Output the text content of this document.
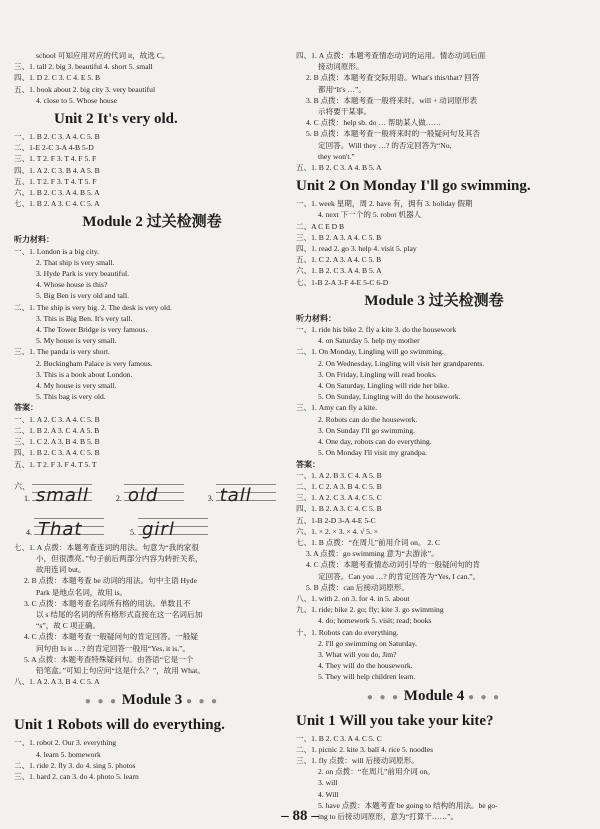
school 可知应用对应的代词 it，故选 C。
三、1. tall 2. big 3. beautiful 4. short 5. small
四、1. D 2. C 3. C 4. E 5. B
五、1. book about 2. big city 3. very beautiful
4. close to 5. Whose house
Unit 2 It's very old.
一、1. B 2. C 3. A 4. C 5. B
二、1-E 2-C 3-A 4-B 5-D
三、1. T 2. F 3. T 4. F 5. F
四、1. A 2. C 3. B 4. A 5. B
五、1. T 2. F 3. T 4. T 5. F
六、1. B 2. C 3. A 4. B 5. A
七、1. B 2. A 3. C 4. C 5. A
Module 2 过关检测卷
听力材料：
一、1. London is a big city.
2. That ship is very small.
3. Hyde Park is very beautiful.
4. Whose house is this?
5. Big Ben is very old and tall.
二、1. The ship is very big. 2. The desk is very old.
3. This is Big Ben. It's very tall.
4. The Tower Bridge is very famous.
5. My house is very small.
三、1. The panda is very short.
2. Buckingham Palace is very famous.
3. This is a book about London.
4. My house is very small.
5. This bag is very old.
答案：
一、1. A 2. C 3. A 4. C 5. B
二、1. B 2. A 3. C 4. A 5. B
三、1. C 2. A 3. B 4. B 5. B
四、1. B 2. C 3. A 4. C 5. B
五、1. T 2. F 3. F 4. T 5. T
六、1. small	2. old	3. tall
4. That	5. girl
七、1. A 点拨：本题考查连词的用法。句意为“我的家很
小，但很漂亮。”句子前后两部分内容为转折关系，
故用连词 but。
2. B 点拨：本题考查 be 动词的用法。句中主语 Hyde
Park 是地点名词，故用 is。
3. C 点拨：本题考查名词所有格的用法。单数且不
以 s 结尾的名词的所有格形式直接在这一名词后加
“s”，故 C 项正确。
4. C 点拨：本题考查一般疑问句的肯定回答。一般疑
问句由 Is it …? 的肯定回答一般用“Yes, it is.”。
5. A 点拨：本题考查特殊疑问句。由答语“它是一个
铅笔盒。”可知上句应问“这是什么？”，故用 What。
八、1. A 2. A 3. B 4. C 5. A
● ● ● Module 3 ● ● ●
Unit 1 Robots will do everything.
一、1. robot 2. Our 3. everything
4. learn 5. homework
二、1. ride 2. fly 3. do 4. sing 5. photos
三、1. hard 2. can 3. do 4. photo 5. learn
四、1. A 点拨：本题考查情态动词的运用。情态动词后面
接动词原形。
2. B 点拨：本题考查交际用语。What's this/that? 回答
都用“It's …”。
3. B 点拨：本题考查一般将来时。will + 动词原形表
示将要干某事。
4. C 点拨：help sb. do … 帮助某人做……
5. B 点拨：本题考查一般将来时的一般疑问句及其否
定回答。Will they …? 的否定回答为“No,
they won't.”
五、1. B 2. C 3. A 4. B 5. A
Unit 2 On Monday I'll go swimming.
一、1. week 星期，周 2. have 有，拥有 3. holiday 假期
4. next 下一个的 5. robot 机器人
二、A C E D B
三、1. B 2. A 3. A 4. C 5. B
四、1. read 2. go 3. help 4. visit 5. play
五、1. C 2. A 3. A 4. C 5. B
六、1. B 2. C 3. A 4. B 5. A
七、1-B 2-A 3-F 4-E 5-C 6-D
Module 3 过关检测卷
听力材料：
一、1. ride his bike 2. fly a kite 3. do the housework
4. on Saturday 5. help my mother
二、1. On Monday, Lingling will go swimming.
2. On Wednesday, Lingling will visit her grandparents.
3. On Friday, Lingling will read books.
4. On Saturday, Lingling will ride her bike.
5. On Sunday, Lingling will do the housework.
三、1. Amy can fly a kite.
2. Robots can do the housework.
3. On Sunday I'll go swimming.
4. One day, robots can do everything.
5. On Monday I'll visit my grandpa.
答案：
一、1. A 2. B 3. C 4. A 5. B
二、1. C 2. A 3. B 4. C 5. B
三、1. A 2. C 3. A 4. C 5. C
四、1. B 2. A 3. C 4. C 5. B
五、1-B 2-D 3-A 4-E 5-C
六、1. × 2. × 3. × 4. √ 5. ×
七、1. B 点拨：“在周儿”前用介词 on。 2. C
3. A 点拨：go swimming 意为“去游泳”。
4. C 点拨：本题考查情态动词引导的一般疑问句的肯
定回答。Can you …? 的肯定回答为“Yes, I can.”。
5. B 点拨：can 后接动词原形。
八、1. with 2. on 3. for 4. in 5. about
九、1. ride; bike 2. go; fly; kite 3. go swimming
4. do; homework 5. visit; read; books
十、1. Robots can do everything.
2. I'll go swimming on Saturday.
3. What will you do, Jim?
4. They will do the housework.
5. They will help children learn.
● ● ● Module 4 ● ● ●
Unit 1 Will you take your kite?
一、1. B 2. C 3. A 4. C 5. C
二、1. picnic 2. kite 3. ball 4. rice 5. noodles
三、1. fly 点拨：will 后接动词原形。
2. on 点拨：“在周儿”前用介词 on。
3. will
4. Will
5. have 点拨：本题考查 be going to 结构的用法。be go-
ing to 后接动词原形，意为“打算干……”。
– 88 –
